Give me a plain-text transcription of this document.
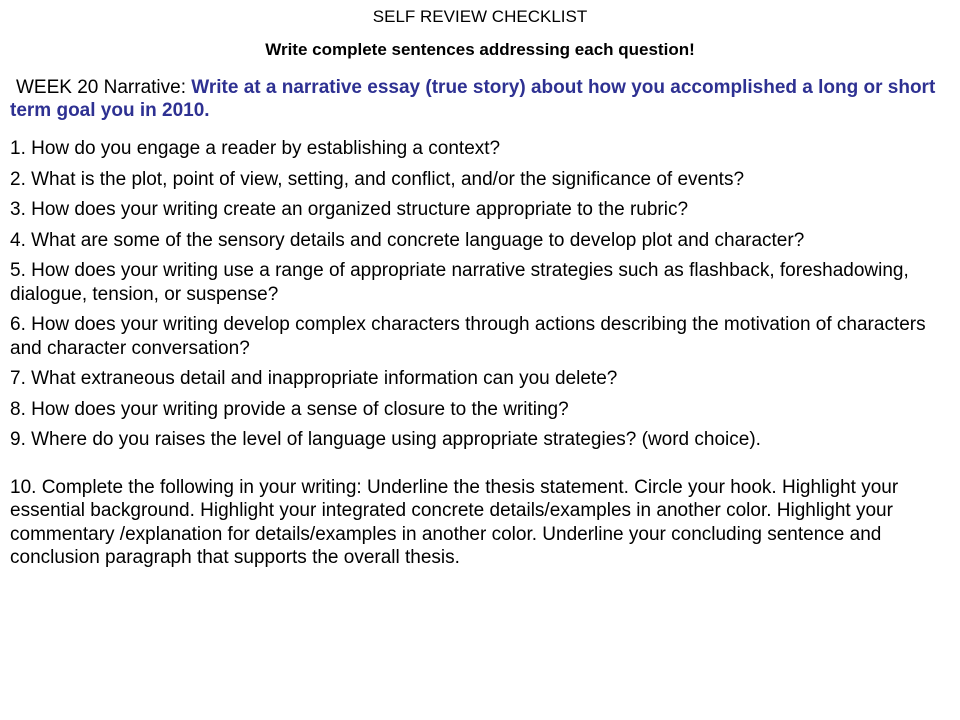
SELF REVIEW CHECKLIST
Write complete sentences addressing each question!
WEEK 20 Narrative: Write at a narrative essay (true story) about how you accomplished a long or short term goal you in 2010.
1. How do you engage a reader by establishing a context?
2. What is the plot, point of view, setting, and conflict, and/or the significance of events?
3. How does your writing create an organized structure appropriate to the rubric?
4. What are some of the sensory details and concrete language to develop plot and character?
5. How does your writing use a range of appropriate narrative strategies such as flashback, foreshadowing, dialogue, tension, or suspense?
6. How does your writing develop complex characters through actions describing the motivation of characters and character conversation?
7. What extraneous detail and inappropriate information can you delete?
8. How does your writing provide a sense of closure to the writing?
9. Where do you raises the level of language using appropriate strategies? (word choice).
10. Complete the following in your writing: Underline the thesis statement. Circle your hook. Highlight your essential background. Highlight your integrated concrete details/examples in another color. Highlight your commentary /explanation for details/examples in another color. Underline your concluding sentence and conclusion paragraph that supports the overall thesis.
